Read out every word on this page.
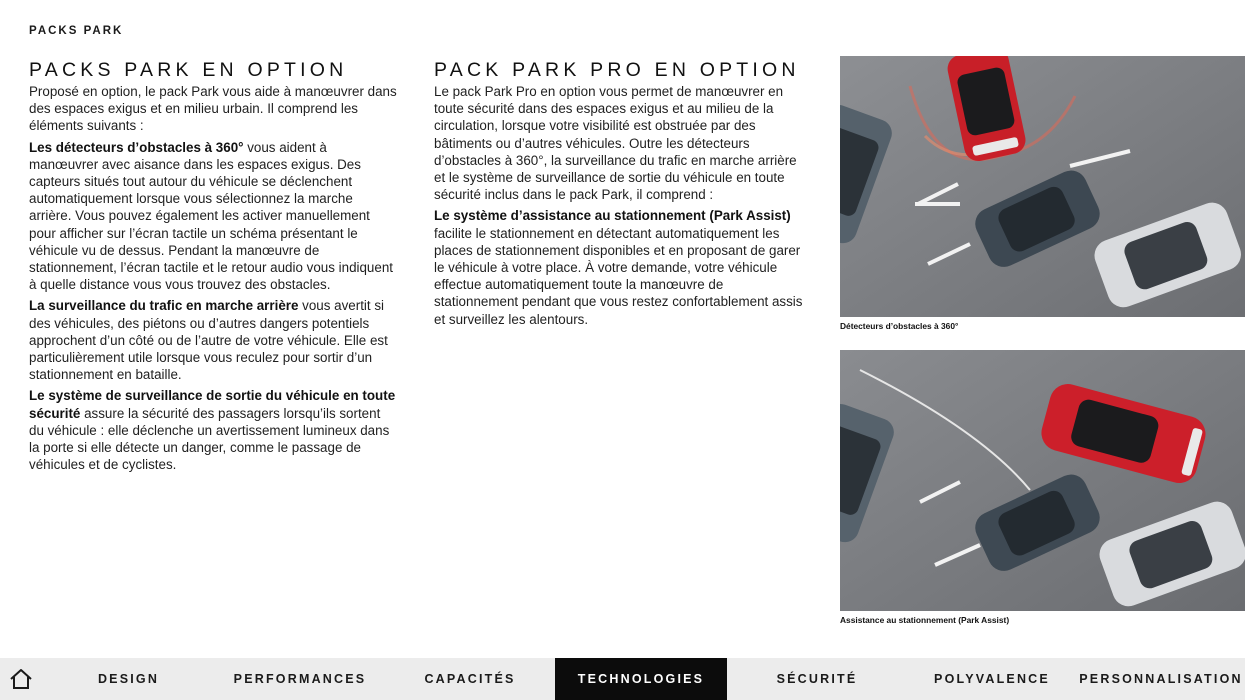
PACKS PARK
PACKS PARK EN OPTION

Proposé en option, le pack Park vous aide à manœuvrer dans des espaces exigus et en milieu urbain. Il comprend les éléments suivants :

Les détecteurs d’obstacles à 360° vous aident à manœuvrer avec aisance dans les espaces exigus. Des capteurs situés tout autour du véhicule se déclenchent automatiquement lorsque vous sélectionnez la marche arrière. Vous pouvez également les activer manuellement pour afficher sur l’écran tactile un schéma présentant le véhicule vu de dessus. Pendant la manœuvre de stationnement, l’écran tactile et le retour audio vous indiquent à quelle distance vous vous trouvez des obstacles.

La surveillance du trafic en marche arrière vous avertit si des véhicules, des piétons ou d’autres dangers potentiels approchent d’un côté ou de l’autre de votre véhicule. Elle est particulièrement utile lorsque vous reculez pour sortir d’un stationnement en bataille.

Le système de surveillance de sortie du véhicule en toute sécurité assure la sécurité des passagers lorsqu’ils sortent du véhicule : elle déclenche un avertissement lumineux dans la porte si elle détecte un danger, comme le passage de véhicules et de cyclistes.

PACK PARK PRO EN OPTION

Le pack Park Pro en option vous permet de manœuvrer en toute sécurité dans des espaces exigus et au milieu de la circulation, lorsque votre visibilité est obstruée par des bâtiments ou d’autres véhicules. Outre les détecteurs d’obstacles à 360°, la surveillance du trafic en marche arrière et le système de surveillance de sortie du véhicule en toute sécurité inclus dans le pack Park, il comprend :

Le système d’assistance au stationnement (Park Assist) facilite le stationnement en détectant automatiquement les places de stationnement disponibles et en proposant de garer le véhicule à votre place. À votre demande, votre véhicule effectue automatiquement toute la manœuvre de stationnement pendant que vous restez confortablement assis et surveillez les alentours.	Détecteurs d’obstacles à 360°
Assistance au stationnement (Park Assist)
DESIGN	PERFORMANCES	CAPACITÉS	TECHNOLOGIES	SÉCURITÉ	POLYVALENCE	PERSONNALISATION
